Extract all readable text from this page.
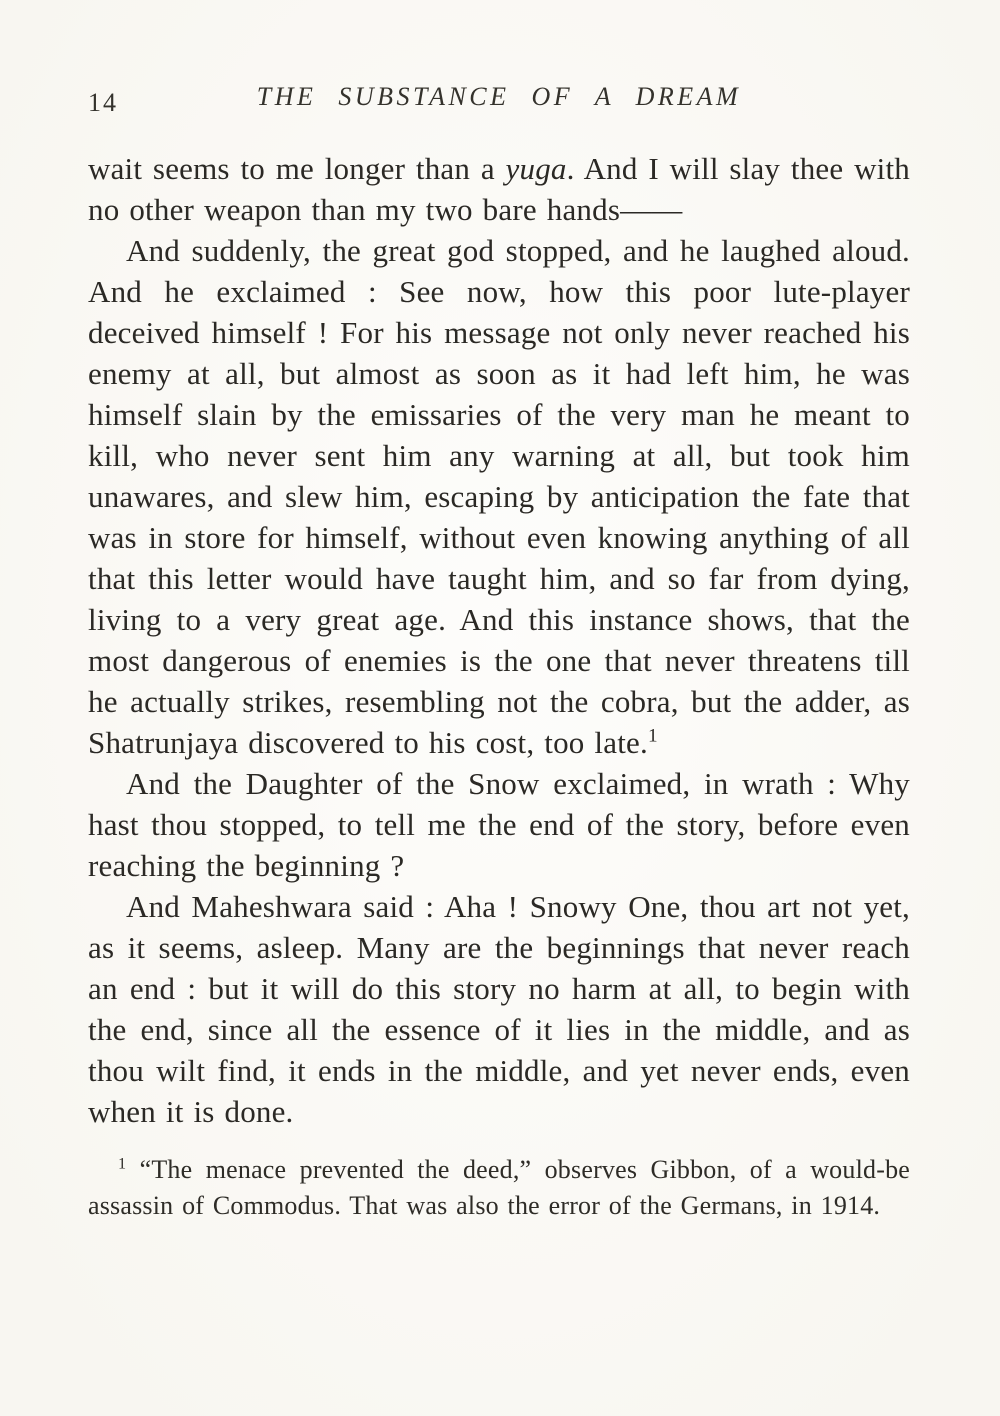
14	THE SUBSTANCE OF A DREAM

wait seems to me longer than a yuga. And I will slay thee with no other weapon than my two bare hands——

And suddenly, the great god stopped, and he laughed aloud. And he exclaimed : See now, how this poor lute-player deceived himself ! For his message not only never reached his enemy at all, but almost as soon as it had left him, he was himself slain by the emissaries of the very man he meant to kill, who never sent him any warning at all, but took him unawares, and slew him, escaping by anticipation the fate that was in store for himself, without even knowing anything of all that this letter would have taught him, and so far from dying, living to a very great age. And this instance shows, that the most dangerous of enemies is the one that never threatens till he actually strikes, resembling not the cobra, but the adder, as Shatrunjaya discovered to his cost, too late.$^1$

And the Daughter of the Snow exclaimed, in wrath : Why hast thou stopped, to tell me the end of the story, before even reaching the beginning ?

And Maheshwara said : Aha ! Snowy One, thou art not yet, as it seems, asleep. Many are the beginnings that never reach an end : but it will do this story no harm at all, to begin with the end, since all the essence of it lies in the middle, and as thou wilt find, it ends in the middle, and yet never ends, even when it is done.

$^1$ “The menace prevented the deed,” observes Gibbon, of a would-be assassin of Commodus. That was also the error of the Germans, in 1914.
